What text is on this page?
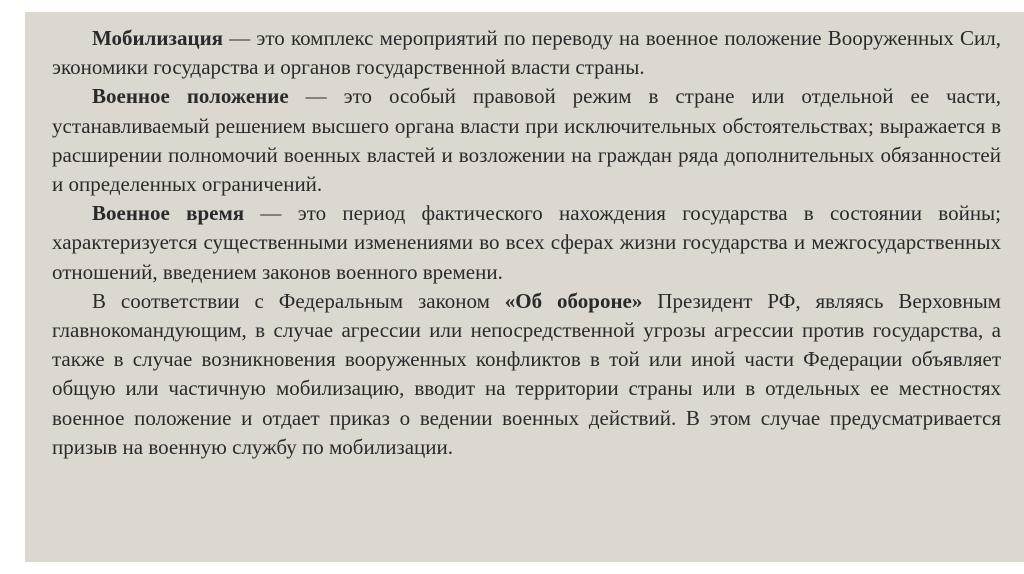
Мобилизация — это комплекс мероприятий по переводу на военное положение Вооруженных Сил, экономики государства и органов государственной власти страны.

Военное положение — это особый правовой режим в стране или отдельной ее части, устанавливаемый решением высшего органа власти при исключительных обстоятельствах; выражается в расширении полномочий военных властей и возложении на граждан ряда дополнительных обязанностей и определенных ограничений.

Военное время — это период фактического нахождения государства в состоянии войны; характеризуется существенными изменениями во всех сферах жизни государства и межгосударственных отношений, введением законов военного времени.

В соответствии с Федеральным законом «Об обороне» Президент РФ, являясь Верховным главнокомандующим, в случае агрессии или непосредственной угрозы агрессии против государства, а также в случае возникновения вооруженных конфликтов в той или иной части Федерации объявляет общую или частичную мобилизацию, вводит на территории страны или в отдельных ее местностях военное положение и отдает приказ о ведении военных действий. В этом случае предусматривается призыв на военную службу по мобилизации.
